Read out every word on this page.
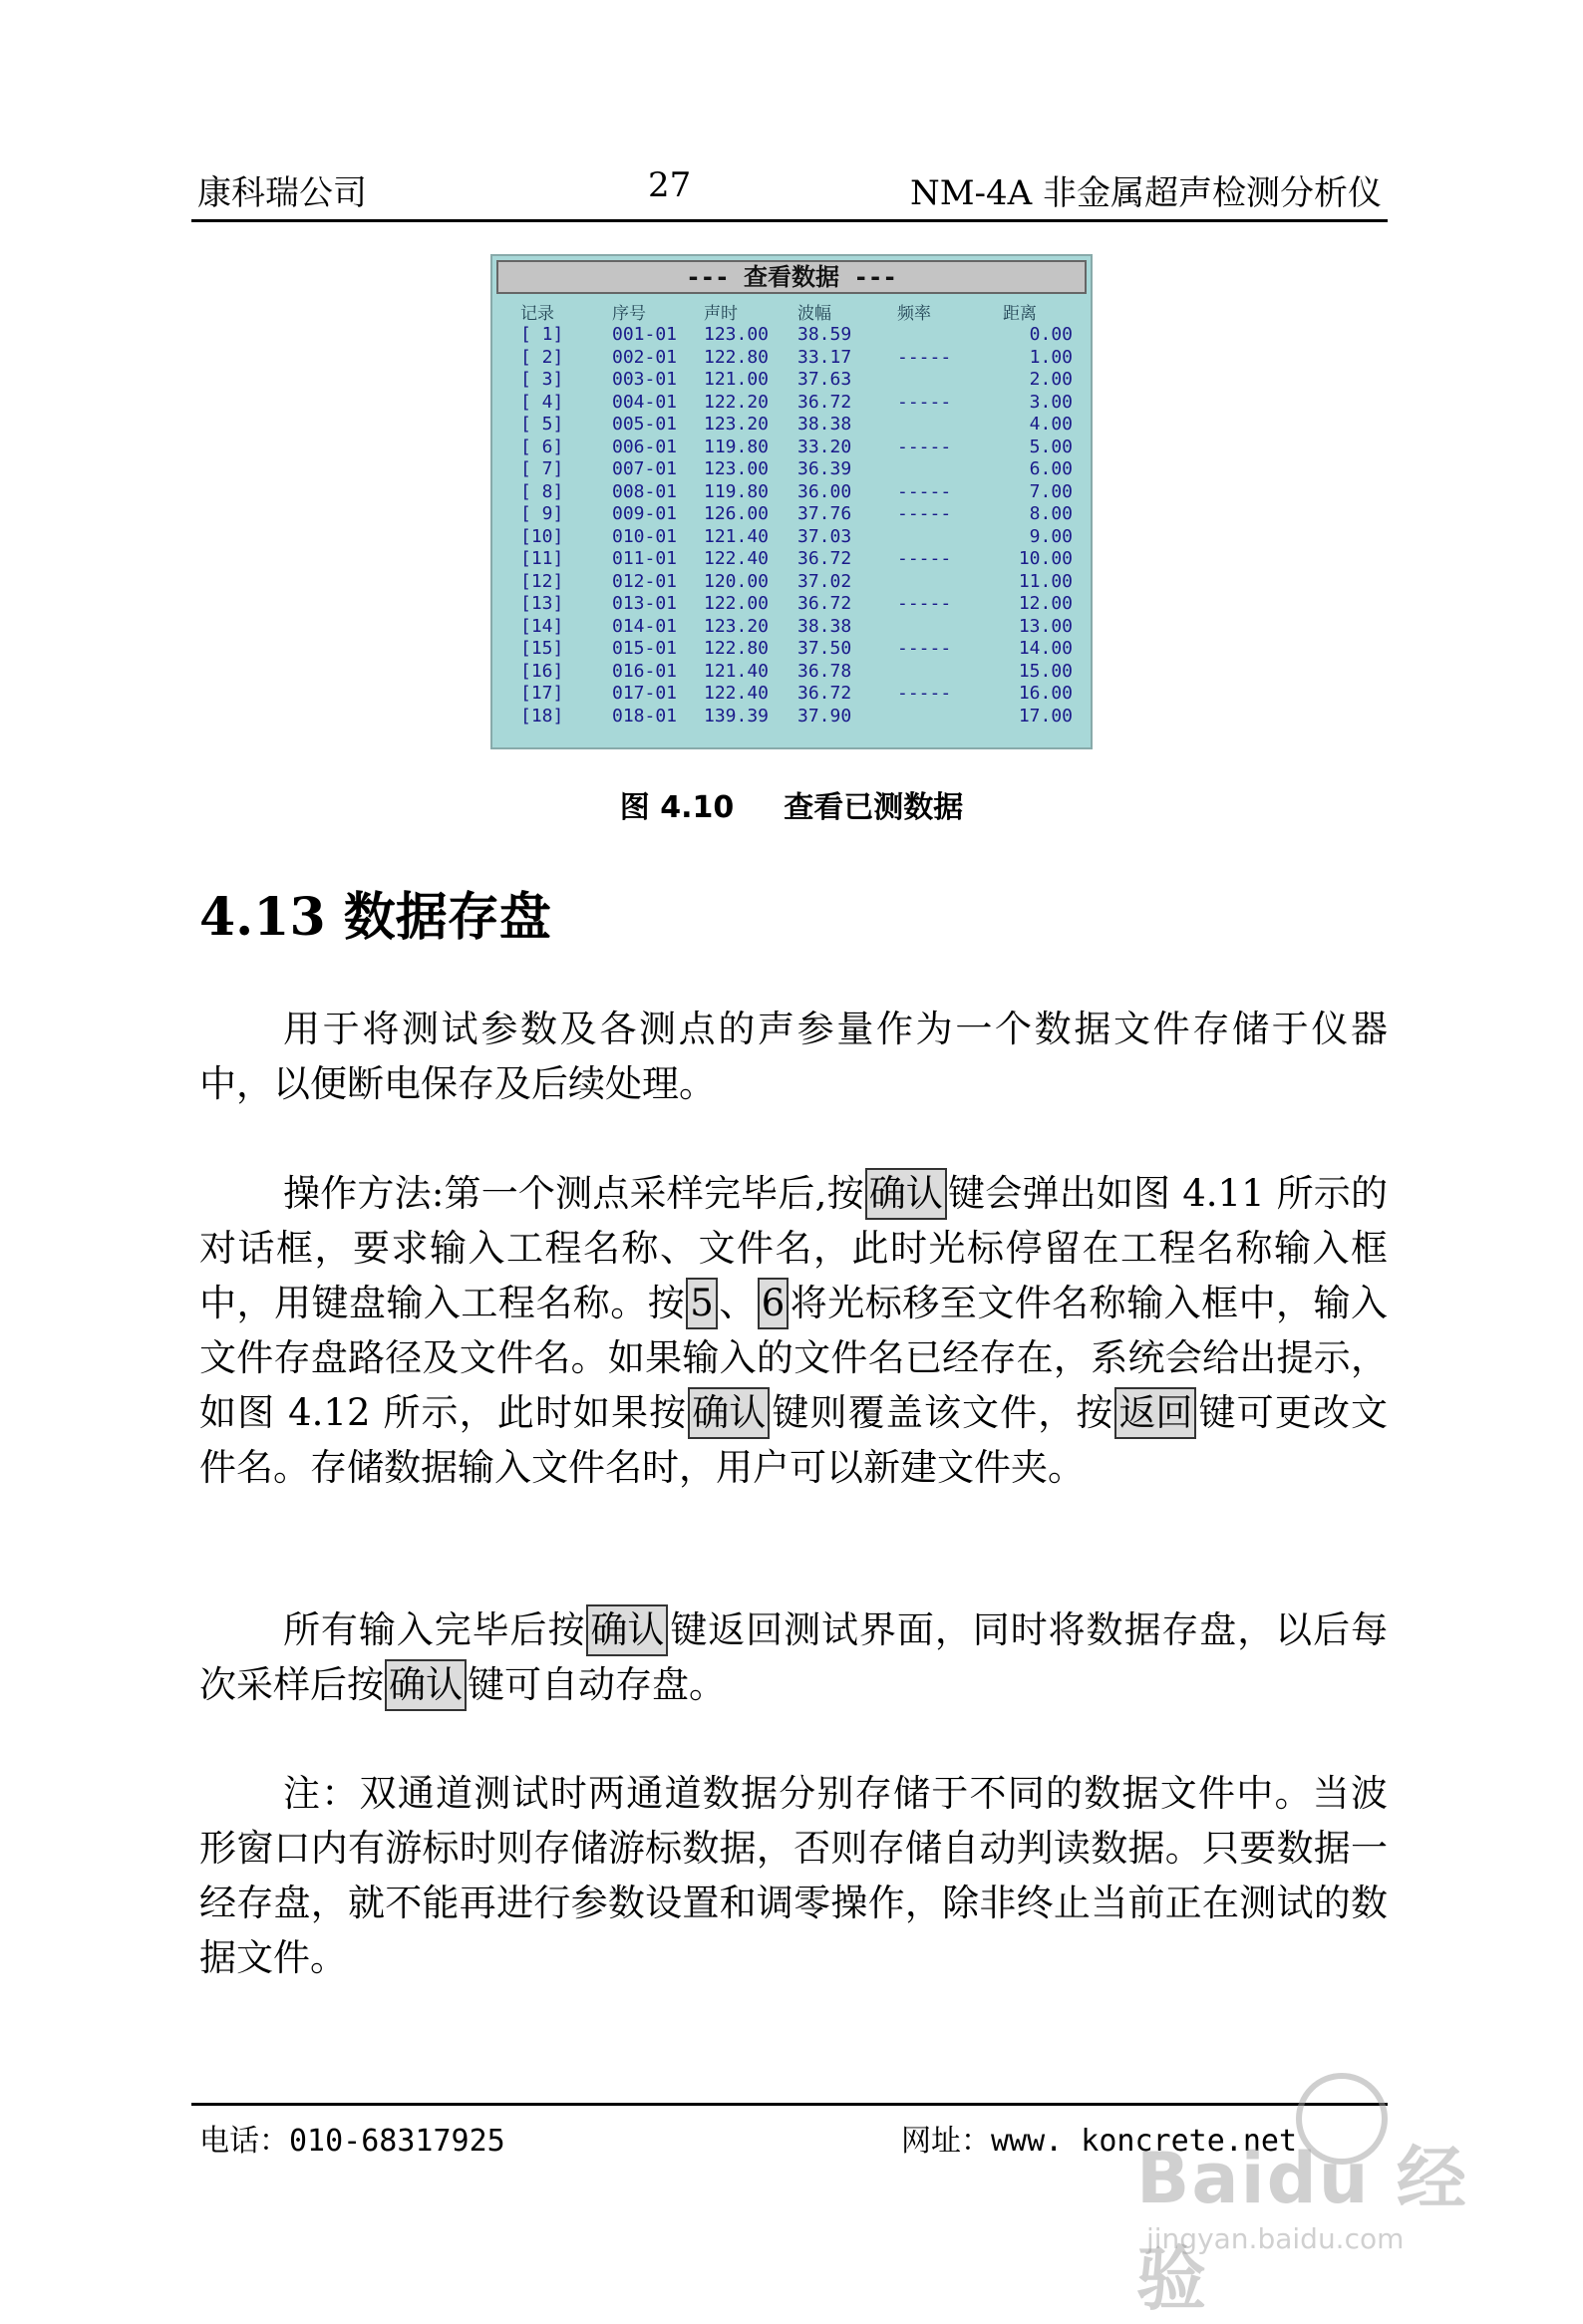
康科瑞公司	27	NM-4A 非金属超声检测分析仪
--- 查看数据 ---
记录	序号	声时	波幅	频率	距离
[ 1]	001-01	123.00	38.59		0.00
[ 2]	002-01	122.80	33.17	-----	1.00
[ 3]	003-01	121.00	37.63		2.00
[ 4]	004-01	122.20	36.72	-----	3.00
[ 5]	005-01	123.20	38.38		4.00
[ 6]	006-01	119.80	33.20	-----	5.00
[ 7]	007-01	123.00	36.39		6.00
[ 8]	008-01	119.80	36.00	-----	7.00
[ 9]	009-01	126.00	37.76	-----	8.00
[10]	010-01	121.40	37.03		9.00
[11]	011-01	122.40	36.72	-----	10.00
[12]	012-01	120.00	37.02		11.00
[13]	013-01	122.00	36.72	-----	12.00
[14]	014-01	123.20	38.38		13.00
[15]	015-01	122.80	37.50	-----	14.00
[16]	016-01	121.40	36.78		15.00
[17]	017-01	122.40	36.72	-----	16.00
[18]	018-01	139.39	37.90		17.00
图 4.10 查看已测数据
4.13 数据存盘

用于将测试参数及各测点的声参量作为一个数据文件存储于仪器中，以便断电保存及后续处理。

操作方法:第一个测点采样完毕后,按 确认 键会弹出如图 4.11 所示的对话框，要求输入工程名称、文件名，此时光标停留在工程名称输入框中，用键盘输入工程名称。按 5 、 6 将光标移至文件名称输入框中，输入文件存盘路径及文件名。如果输入的文件名已经存在，系统会给出提示，如图 4.12 所示，此时如果按 确认 键则覆盖该文件，按 返回 键可更改文件名。存储数据输入文件名时，用户可以新建文件夹。

所有输入完毕后按 确认 键返回测试界面，同时将数据存盘，以后每次采样后按 确认 键可自动存盘。

注：双通道测试时两通道数据分别存储于不同的数据文件中。当波形窗口内有游标时则存储游标数据，否则存储自动判读数据。只要数据一经存盘，就不能再进行参数设置和调零操作，除非终止当前正在测试的数据文件。

电话：010-68317925	网址：www. koncrete.net
Baidu 经验
jingyan.baidu.com
